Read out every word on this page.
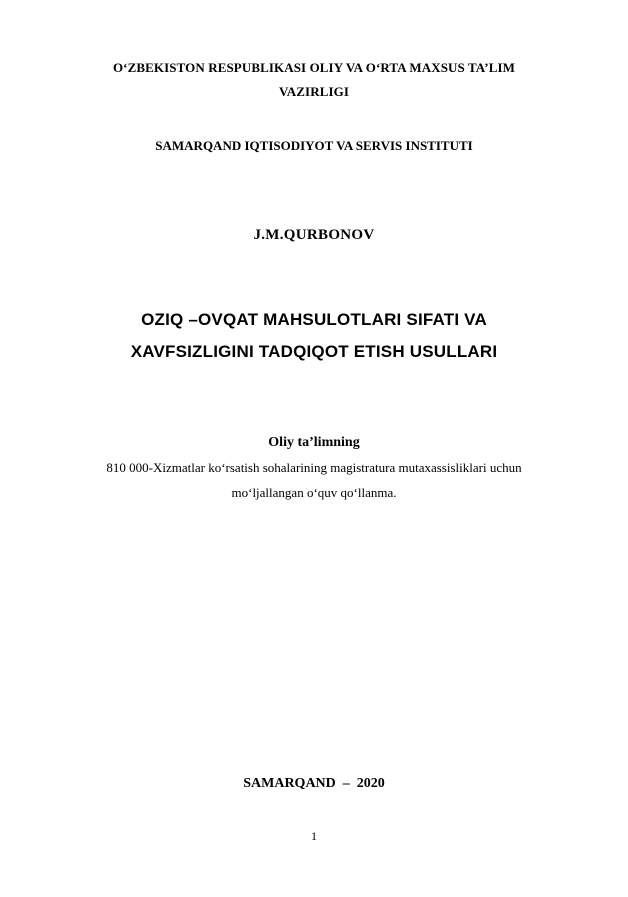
O‘ZBEKISTON RESPUBLIKASI OLIY VA O‘RTA MAXSUS TA’LIM
VAZIRLIGI
SAMARQAND IQTISODIYOT VA SERVIS INSTITUTI
J.M.QURBONOV
OZIQ –OVQAT MAHSULOTLARI SIFATI VA
XAVFSIZLIGINI TADQIQOT ETISH USULLARI
Oliy ta’limning
810 000-Xizmatlar ko‘rsatish sohalarining magistratura mutaxassisliklari uchun
mo‘ljallangan o‘quv qo‘llanma.
SAMARQAND  –  2020
1
